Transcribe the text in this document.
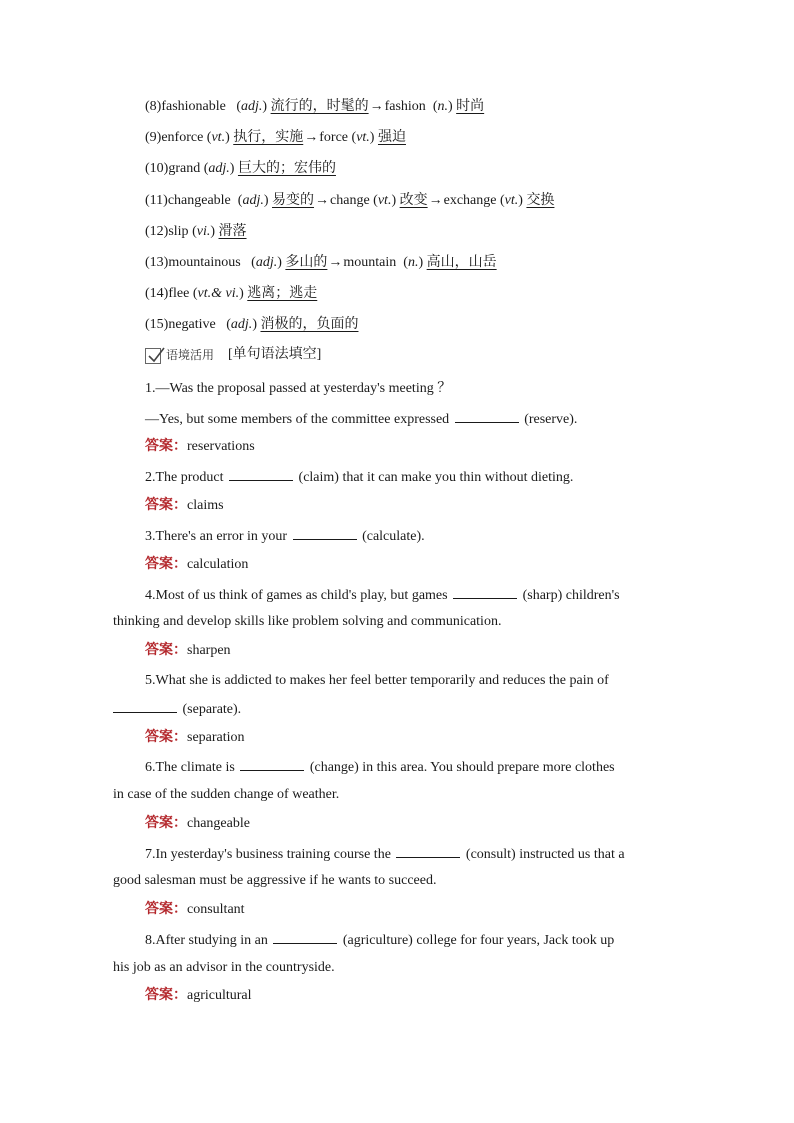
(8)fashionable   (adj.) 流行的，时髦的→fashion  (n.) 时尚
(9)enforce (vt.) 执行，实施→force (vt.) 强迫
(10)grand (adj.) 巨大的；宏伟的
(11)changeable  (adj.) 易变的→change (vt.) 改变→exchange (vt.) 交换
(12)slip (vi.) 滑落
(13)mountainous   (adj.) 多山的→mountain  (n.) 高山，山岳
(14)flee (vt.& vi.) 逃离；逃走
(15)negative   (adj.) 消极的，负面的
语境活用 [单句语法填空]
1.—Was the proposal passed at yesterday's meeting ？
—Yes, but some members of the committee expressed	(reserve).
答案：reservations
2.The product	(claim) that it can make you thin without dieting.
答案：claims
3.There's an error in your	(calculate).
答案：calculation
4.Most of us think of games as child's play, but games	(sharp) children's
thinking and develop skills like problem solving and communication.
答案：sharpen
5.What she is addicted to makes her feel better temporarily and reduces the pain of
(separate).
答案：separation
6.The climate is	(change) in this area. You should prepare more clothes
in case of the sudden change of weather.
答案：changeable
7.In yesterday's business training course the	(consult) instructed us that a
good salesman must be aggressive if he wants to succeed.
答案：consultant
8.After studying in an	(agriculture) college for four years, Jack took up
his job as an advisor in the countryside.
答案：agricultural
